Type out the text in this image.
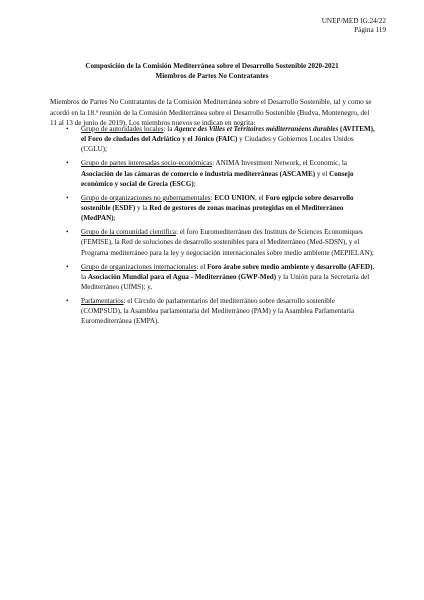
UNEP/MED IG.24/22
Página 119
Composición de la Comisión Mediterránea sobre el Desarrollo Sostenible 2020-2021
Miembros de Partes No Contratantes

Miembros de Partes No Contratantes de la Comisión Mediterránea sobre el Desarrollo Sostenible, tal y como se acordó en la 18.ª reunión de la Comisión Mediterránea sobre el Desarrollo Sostenible (Budva, Montenegro, del 11 al 13 de junio de 2019). Los miembros nuevos se indican en negrita:

• Grupo de autoridades locales: la Agence des Villes et Territoires méditerranéens durables (AVITEM), el Foro de ciudades del Adriático y el Jónico (FAIC) y Ciudades y Gobiernos Locales Unidos (CGLU);
• Grupo de partes interesadas socio-económicas: ANIMA Investment Network, el Economic, la Asociación de las cámaras de comercio e industria mediterráneas (ASCAME) y el Consejo económico y social de Grecia (ESCG);
• Grupo de organizaciones no gubernamentales: ECO UNION, el Foro egipcio sobre desarrollo sostenible (ESDF) y la Red de gestores de zonas marinas protegidas en el Mediterráneo (MedPAN);
• Grupo de la comunidad científica: el foro Euromediterránen des Instituts de Sciences Economiques (FEMISE), la Red de soluciones de desarrollo sostenibles para el Mediterráneo (Med-SDSN), y el Programa mediterráneo para la ley y negociación internacionales sobre medio ambiente (MEPIELAN);
• Grupo de organizaciones internacionales: el Foro árabe sobre medio ambiente y desarrollo (AFED), la Asociación Mundial para el Agua - Mediterráneo (GWP-Med) y la Unión para la Secretaría del Mediterráneo (UfMS); y,
• Parlamentarios: el Círculo de parlamentarios del mediterráneo sobre desarrollo sostenible (COMPSUD), la Asamblea parlamentaria del Mediterráneo (PAM) y la Asamblea Parlamentaria Euromediterránea (EMPA).
